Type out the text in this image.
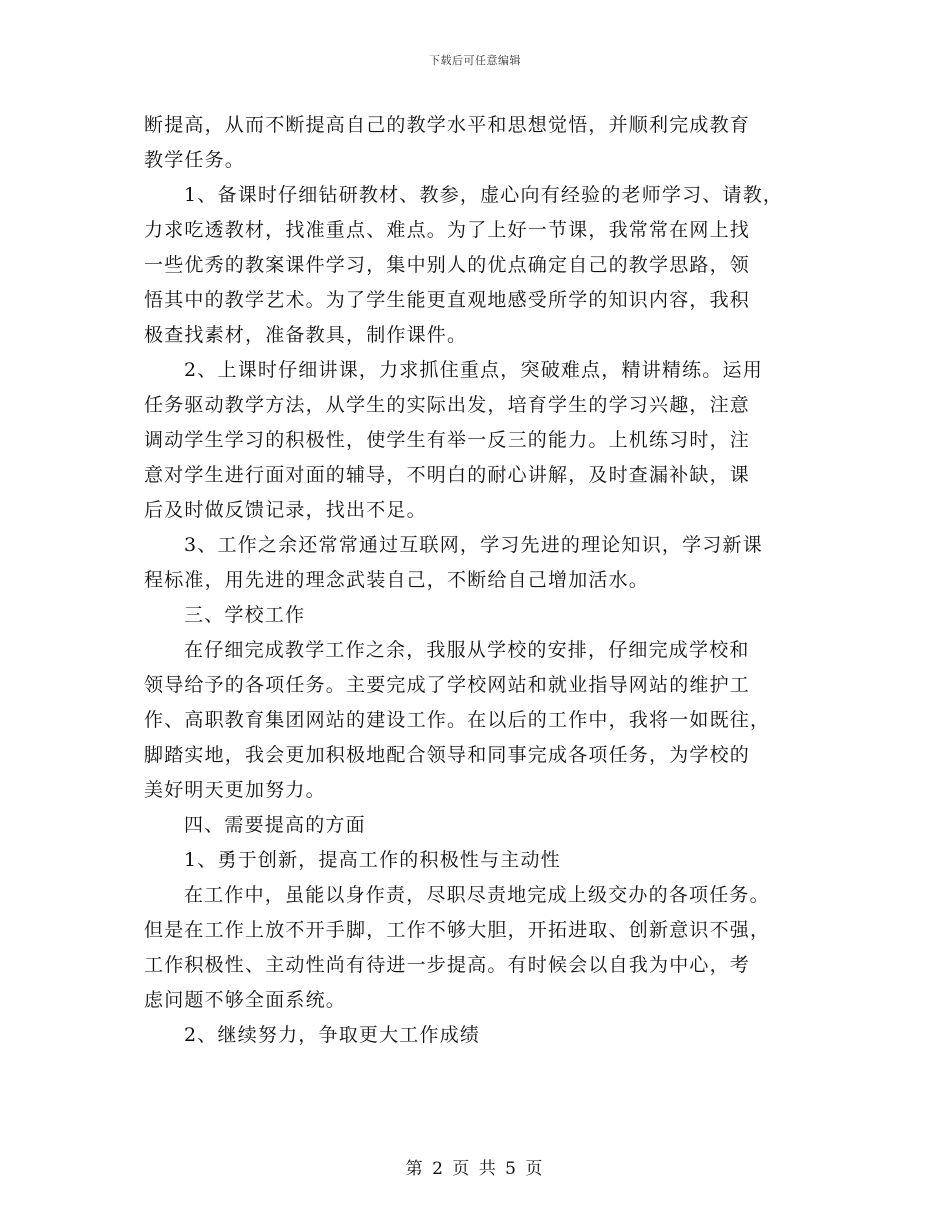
下载后可任意编辑
断提高，从而不断提高自己的教学水平和思想觉悟，并顺利完成教育
教学任务。
1、备课时仔细钻研教材、教参，虚心向有经验的老师学习、请教，
力求吃透教材，找准重点、难点。为了上好一节课，我常常在网上找
一些优秀的教案课件学习，集中别人的优点确定自己的教学思路，领
悟其中的教学艺术。为了学生能更直观地感受所学的知识内容，我积
极查找素材，准备教具，制作课件。
2、上课时仔细讲课，力求抓住重点，突破难点，精讲精练。运用
任务驱动教学方法，从学生的实际出发，培育学生的学习兴趣，注意
调动学生学习的积极性，使学生有举一反三的能力。上机练习时，注
意对学生进行面对面的辅导，不明白的耐心讲解，及时查漏补缺，课
后及时做反馈记录，找出不足。
3、工作之余还常常通过互联网，学习先进的理论知识，学习新课
程标准，用先进的理念武装自己，不断给自己增加活水。
三、学校工作
在仔细完成教学工作之余，我服从学校的安排，仔细完成学校和
领导给予的各项任务。主要完成了学校网站和就业指导网站的维护工
作、高职教育集团网站的建设工作。在以后的工作中，我将一如既往，
脚踏实地，我会更加积极地配合领导和同事完成各项任务，为学校的
美好明天更加努力。
四、需要提高的方面
1、勇于创新，提高工作的积极性与主动性
在工作中，虽能以身作责，尽职尽责地完成上级交办的各项任务。
但是在工作上放不开手脚，工作不够大胆，开拓进取、创新意识不强，
工作积极性、主动性尚有待进一步提高。有时候会以自我为中心，考
虑问题不够全面系统。
2、继续努力，争取更大工作成绩
第 2 页 共 5 页
